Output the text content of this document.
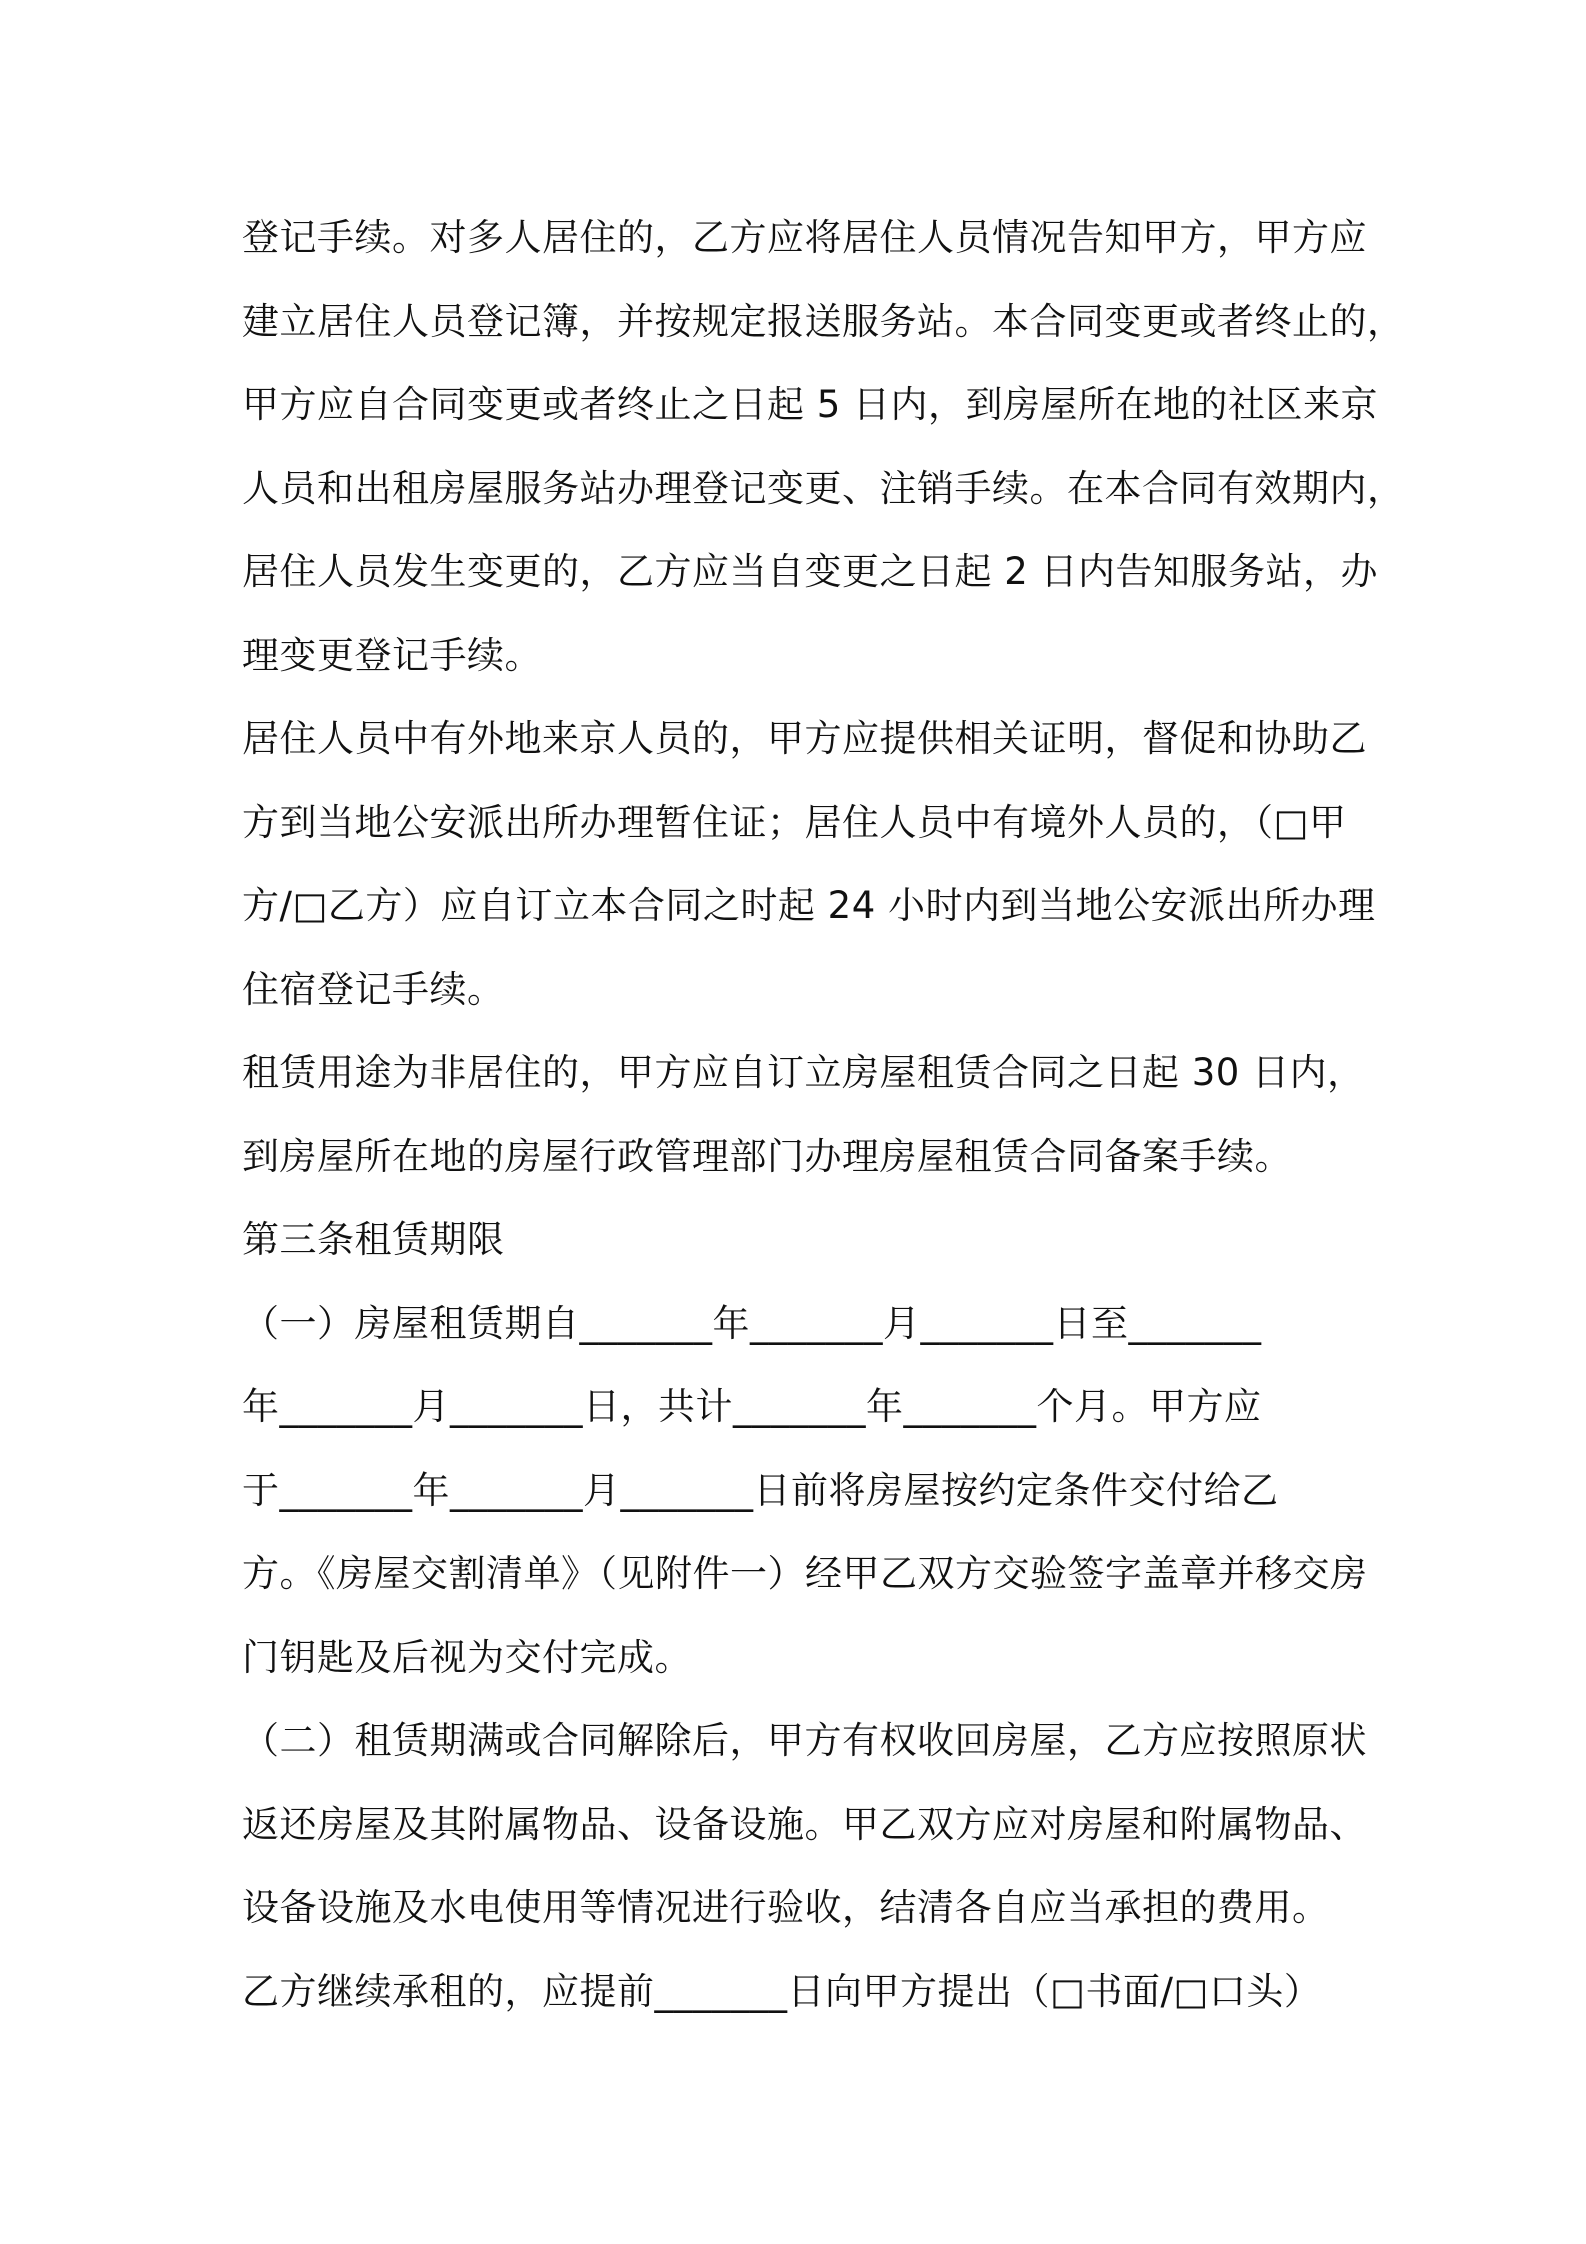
登记手续。对多人居住的，乙方应将居住人员情况告知甲方，甲方应
建立居住人员登记簿，并按规定报送服务站。本合同变更或者终止的，
甲方应自合同变更或者终止之日起 5 日内，到房屋所在地的社区来京
人员和出租房屋服务站办理登记变更、注销手续。在本合同有效期内，
居住人员发生变更的，乙方应当自变更之日起 2 日内告知服务站，办
理变更登记手续。
居住人员中有外地来京人员的，甲方应提供相关证明，督促和协助乙
方到当地公安派出所办理暂住证；居住人员中有境外人员的，（□甲
方/□乙方）应自订立本合同之时起 24 小时内到当地公安派出所办理
住宿登记手续。
租赁用途为非居住的，甲方应自订立房屋租赁合同之日起 30 日内，
到房屋所在地的房屋行政管理部门办理房屋租赁合同备案手续。
第三条租赁期限
（一）房屋租赁期自_______年_______月_______日至_______
年_______月_______日，共计_______年_______个月。甲方应
于_______年_______月_______日前将房屋按约定条件交付给乙
方。《房屋交割清单》（见附件一）经甲乙双方交验签字盖章并移交房
门钥匙及后视为交付完成。
（二）租赁期满或合同解除后，甲方有权收回房屋，乙方应按照原状
返还房屋及其附属物品、设备设施。甲乙双方应对房屋和附属物品、
设备设施及水电使用等情况进行验收，结清各自应当承担的费用。
乙方继续承租的，应提前_______日向甲方提出（□书面/□口头）
